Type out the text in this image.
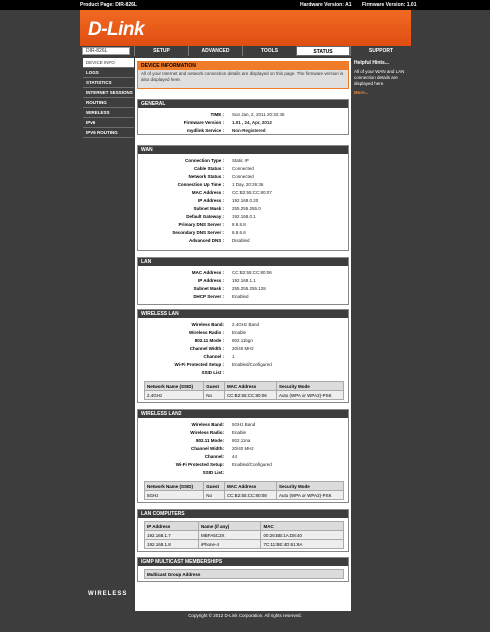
Product Page: DIR-826L	Hardware Version: A1 Firmware Version: 1.01
D-Link
DIR-826L	SETUP	ADVANCED	TOOLS	STATUS	SUPPORT
DEVICE INFO
LOGS
STATISTICS
INTERNET SESSIONS
ROUTING
WIRELESS
IPv6
IPV6 ROUTING
Helpful Hints...
All of your WAN and LAN connection details are displayed here.
More...
DEVICE INFORMATION
All of your Internet and network connection details are displayed on this page. The firmware version is also displayed here.
GENERAL
TIME : Sun Jan, 2, 2011 20:32:45
Firmware Version : 1.01 , 24, Apr, 2012
mydlink Service : Non-Registered
WAN
Connection Type : Static IP
Cable Status : Connected
Network Status : Connected
Connection Up Time : 1 Day, 20:26:36
MAC Address : CC:B2:55:CC:80:07
IP Address : 192.168.0.20
Subnet Mask : 255.255.255.0
Default Gateway : 192.168.0.1
Primary DNS Server : 8.8.8.8
Secondary DNS Server : 8.8.6.6
Advanced DNS : Disabled
LAN
MAC Address : CC:B2:55:CC:80:06
IP Address : 192.168.1.1
Subnet Mask : 255.255.255.128
DHCP Server : Enabled
WIRELESS LAN
Wireless Band: 2.4GHz Band
Wireless Radio : Enable
802.11 Mode : 802.11bgn
Channel Width : 20/40 MHz
Channel : 1
Wi-Fi Protected Setup : Enabled/Configured
SSID List :
Network Name (SSID)	Guest	MAC Address	Security Mode
2.4GHz	No	CC:B2:55:CC:80:06	Auto (WPA or WPA2)-PSK
WIRELESS LAN2
Wireless Band: 5GHz Band
Wireless Radio: Enable
802.11 Mode: 802.11na
Channel Width: 20/40 MHz
Channel: 44
Wi-Fi Protected Setup: Enabled/Configured
SSID List:
Network Name (SSID)	Guest	MAC Address	Security Mode
5GHz	No	CC:B2:55:CC:80:08	Auto (WPA or WPA2)-PSK
LAN COMPUTERS
IP Address	Name (if any)	MAC
192.168.1.7	MBFA5C3X	00:26:BB:1A:D8:40
192.168.1.8	iPhone-4	7C:11:BE:4D:61:9A
IGMP MULTICAST MEMBERSHIPS
Multicast Group Address
WIRELESS
Copyright © 2012 D-Link Corporation. All rights reserved.
